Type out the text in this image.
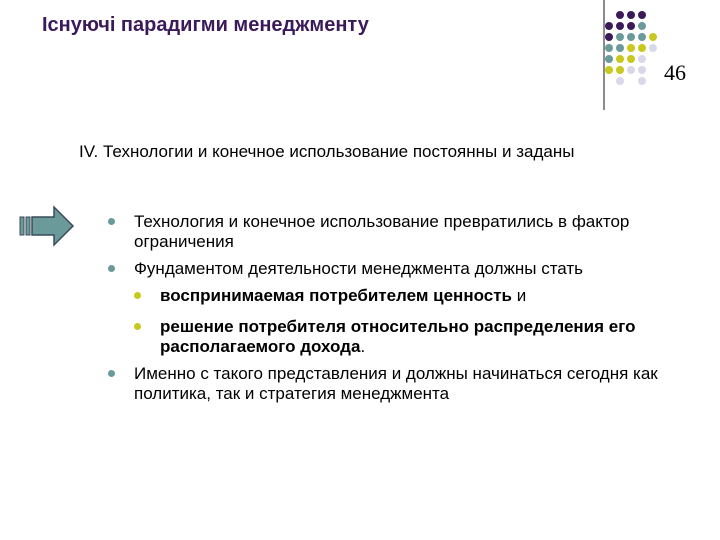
Існуючі парадигми менеджменту
46
IV. Технологии и конечное использование постоянны и заданы
Технология и конечное использование превратились в фактор ограничения
Фундаментом деятельности менеджмента должны стать
воспринимаемая потребителем ценность и
решение потребителя относительно распределения его располагаемого дохода.
Именно с такого представления и должны начинаться сегодня как политика, так и стратегия менеджмента
